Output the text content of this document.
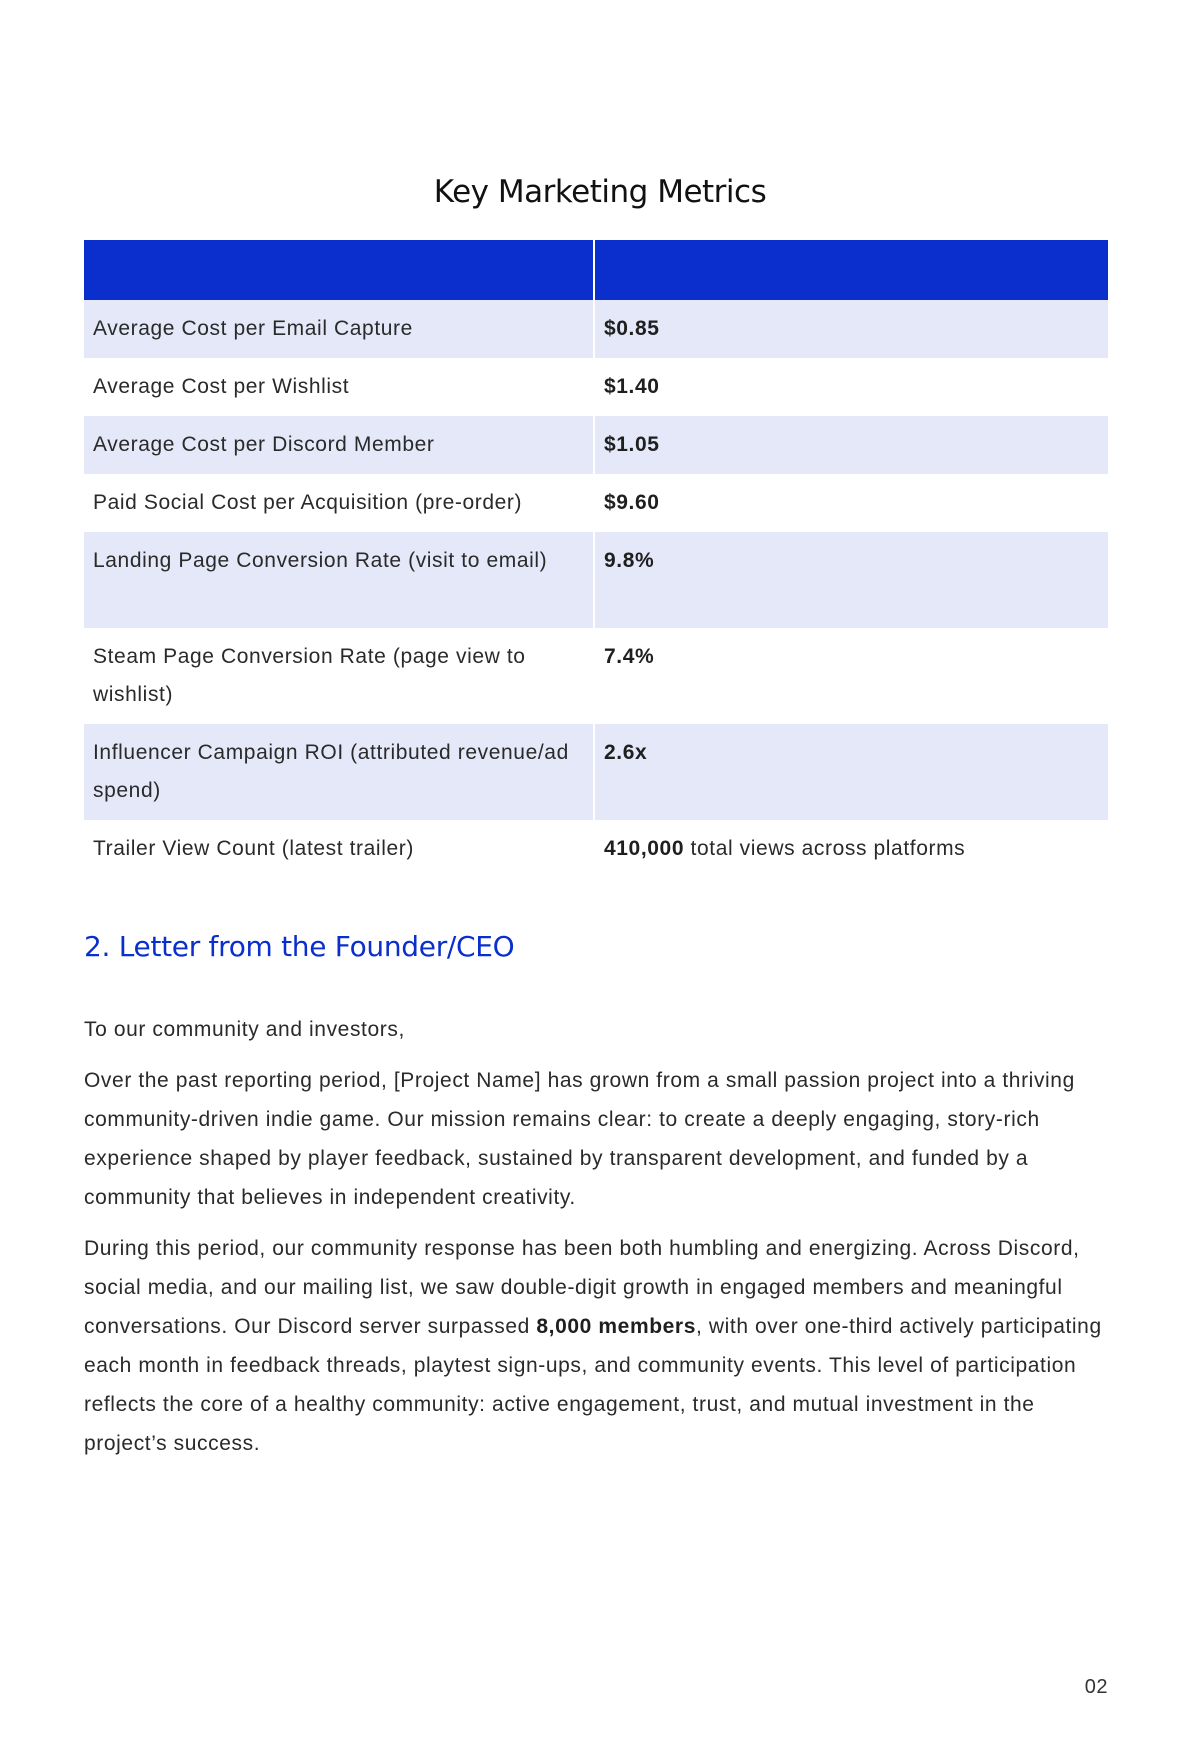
Key Marketing Metrics

Average Cost per Email Capture	$0.85
Average Cost per Wishlist	$1.40
Average Cost per Discord Member	$1.05
Paid Social Cost per Acquisition (pre-order)	$9.60
Landing Page Conversion Rate (visit to email)	9.8%
Steam Page Conversion Rate (page view to wishlist)	7.4%
Influencer Campaign ROI (attributed revenue/ad spend)	2.6x
Trailer View Count (latest trailer)	410,000 total views across platforms
2. Letter from the Founder/CEO

To our community and investors,

Over the past reporting period, [Project Name] has grown from a small passion project into a thriving community-driven indie game. Our mission remains clear: to create a deeply engaging, story-rich experience shaped by player feedback, sustained by transparent development, and funded by a community that believes in independent creativity.

During this period, our community response has been both humbling and energizing. Across Discord, social media, and our mailing list, we saw double-digit growth in engaged members and meaningful conversations. Our Discord server surpassed 8,000 members, with over one-third actively participating each month in feedback threads, playtest sign-ups, and community events. This level of participation reflects the core of a healthy community: active engagement, trust, and mutual investment in the project’s success.

02
